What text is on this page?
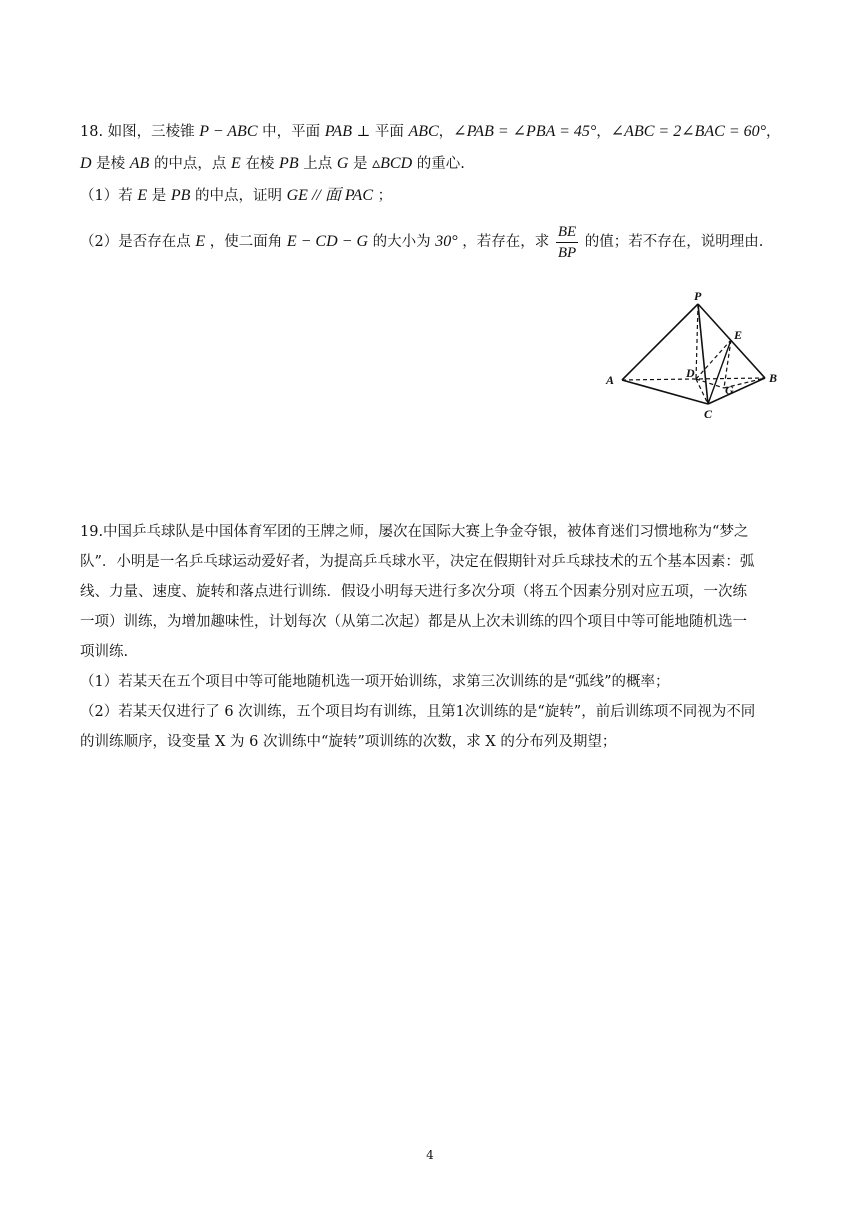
18. 如图，三棱锥 P − ABC 中，平面 PAB ⊥ 平面 ABC，∠PAB = ∠PBA = 45°，∠ABC = 2∠BAC = 60°，
D 是棱 AB 的中点，点 E 在棱 PB 上点 G 是 ▵BCD 的重心.
（1）若 E 是 PB 的中点，证明 GE // 面 PAC ；
（2）是否存在点 E ，使二面角 E − CD − G 的大小为 30° ，若存在，求 $\frac{BE}{BP}$ 的值；若不存在，说明理由.
P
A	B
C
D
E
G
19.中国乒乓球队是中国体育军团的王牌之师，屡次在国际大赛上争金夺银，被体育迷们习惯地称为“梦之
队”．小明是一名乒乓球运动爱好者，为提高乒乓球水平，决定在假期针对乒乓球技术的五个基本因素：弧
线、力量、速度、旋转和落点进行训练．假设小明每天进行多次分项（将五个因素分别对应五项，一次练
一项）训练，为增加趣味性，计划每次（从第二次起）都是从上次未训练的四个项目中等可能地随机选一
项训练.
（1）若某天在五个项目中等可能地随机选一项开始训练，求第三次训练的是“弧线”的概率；
（2）若某天仅进行了 6 次训练，五个项目均有训练，且第1次训练的是“旋转”，前后训练项不同视为不同
的训练顺序，设变量 X 为 6 次训练中“旋转”项训练的次数，求 X 的分布列及期望；
4
